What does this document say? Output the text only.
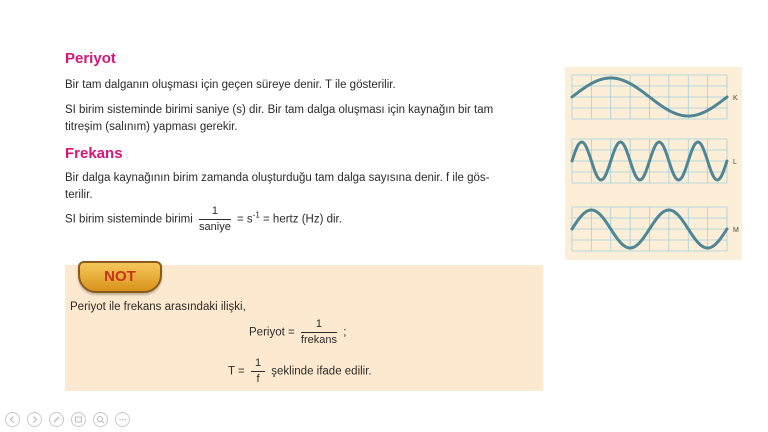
Periyot
Bir tam dalganın oluşması için geçen süreye denir. T ile gösterilir.
SI birim sisteminde birimi saniye (s) dir. Bir tam dalga oluşması için kaynağın bir tam
titreşim (salınım) yapması gerekir.
Frekans
Bir dalga kaynağının birim zamanda oluşturduğu tam dalga sayısına denir. f ile gös-
terilir.
SI birim sisteminde birimi $\frac{1}{\text{saniye}} = s^{-1}$ = hertz (Hz) dir.
NOT
Periyot ile frekans arasındaki ilişki,
Periyot = $\frac{1}{\text{frekans}}$ ;
$T = \frac{1}{f}$ şeklinde ifade edilir.
K
L
M
